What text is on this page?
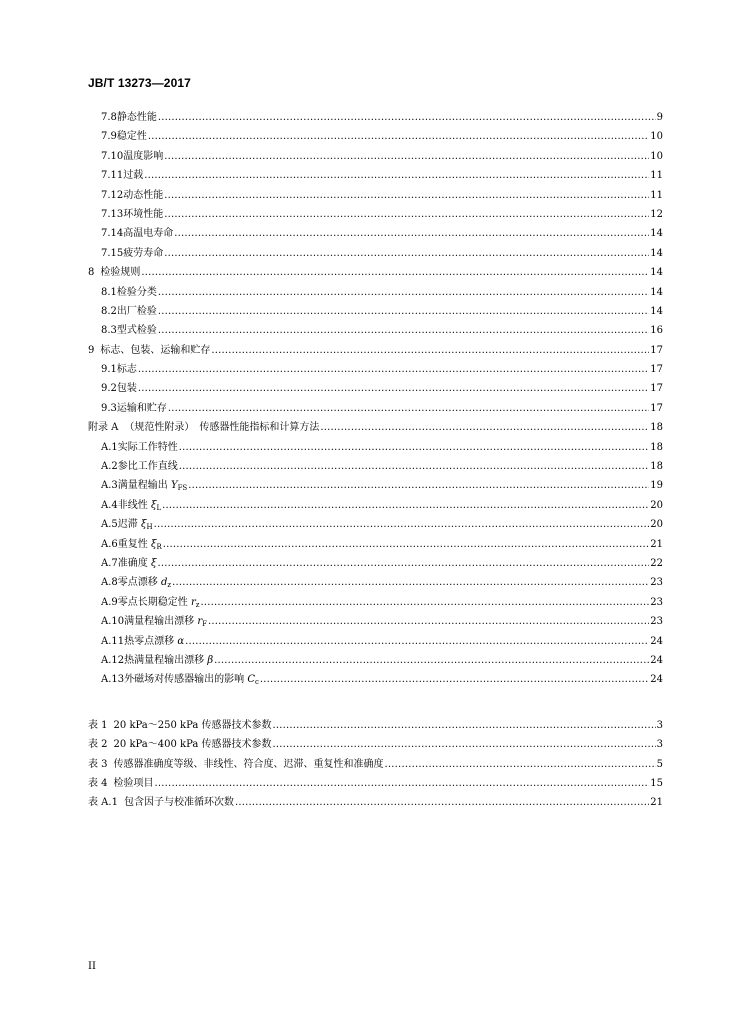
JB/T 13273—2017
7.8 静态性能 .....	9
7.9 稳定性 .....	10
7.10 温度影响 .....	10
7.11 过载 .....	11
7.12 动态性能 .....	11
7.13 环境性能 .....	12
7.14 高温电寿命 .....	14
7.15 疲劳寿命 .....	14
8 检验规则 .....	14
8.1 检验分类 .....	14
8.2 出厂检验 .....	14
8.3 型式检验 .....	16
9 标志、包装、运输和贮存 .....	17
9.1 标志 .....	17
9.2 包装 .....	17
9.3 运输和贮存 .....	17
附录 A （规范性附录）　传感器性能指标和计算方法 .....	18
A.1 实际工作特性 .....	18
A.2 参比工作直线 .....	18
A.3 满量程输出 $Y_{FS}$ .....	19
A.4 非线性 $\xi_L$ .....	20
A.5 迟滞 $\xi_H$ .....	20
A.6 重复性 $\xi_R$ .....	21
A.7 准确度 ξ .....	22
A.8 零点漂移 $d_z$ .....	23
A.9 零点长期稳定性 $r_z$ .....	23
A.10 满量程输出漂移 $r_F$ .....	23
A.11 热零点漂移 α .....	24
A.12 热满量程输出漂移 β .....	24
A.13 外磁场对传感器输出的影响 $C_c$ .....	24
表 1 20 kPa～250 kPa 传感器技术参数 .....	3
表 2 20 kPa～400 kPa 传感器技术参数 .....	3
表 3 传感器准确度等级、非线性、符合度、迟滞、重复性和准确度 .....	5
表 4 检验项目 .....	15
表 A.1 包含因子与校准循环次数 .....	21
II
